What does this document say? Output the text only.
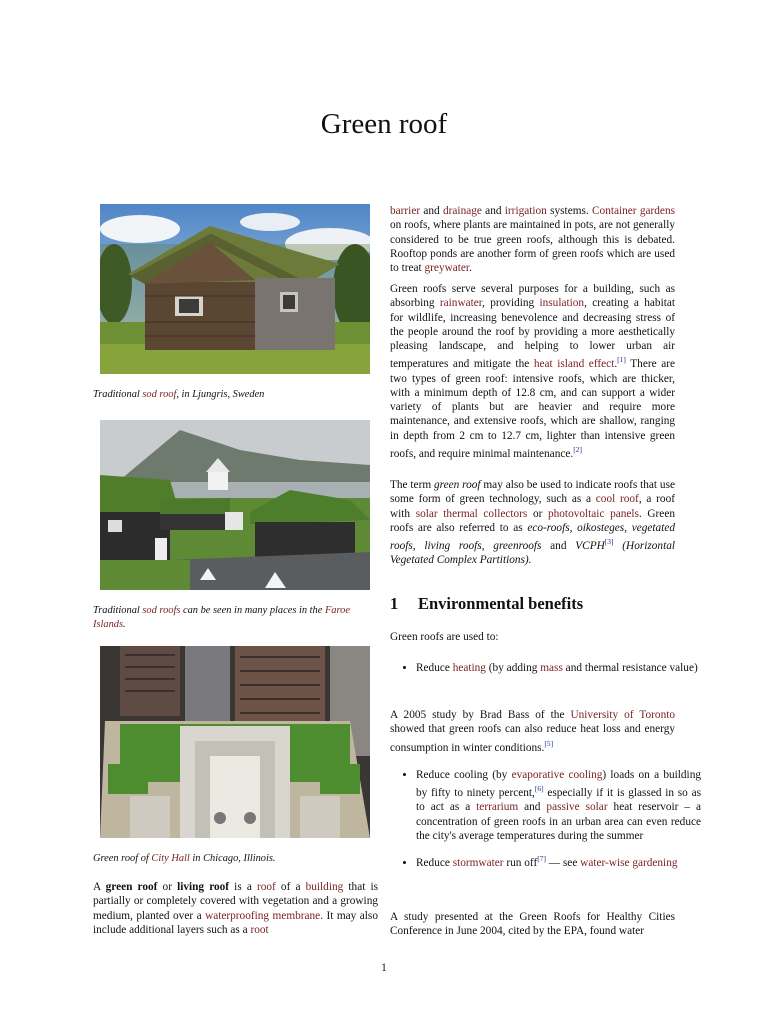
Green roof
Traditional sod roof, in Ljungris, Sweden
Traditional sod roofs can be seen in many places in the Faroe Islands.
Green roof of City Hall in Chicago, Illinois.

A green roof or living roof is a roof of a building that is partially or completely covered with vegetation and a growing medium, planted over a waterproofing membrane. It may also include additional layers such as a root

barrier and drainage and irrigation systems. Container gardens on roofs, where plants are maintained in pots, are not generally considered to be true green roofs, although this is debated. Rooftop ponds are another form of green roofs which are used to treat greywater.

Green roofs serve several purposes for a building, such as absorbing rainwater, providing insulation, creating a habitat for wildlife, increasing benevolence and decreasing stress of the people around the roof by providing a more aesthetically pleasing landscape, and helping to lower urban air temperatures and mitigate the heat island effect.[1] There are two types of green roof: intensive roofs, which are thicker, with a minimum depth of 12.8 cm, and can support a wider variety of plants but are heavier and require more maintenance, and extensive roofs, which are shallow, ranging in depth from 2 cm to 12.7 cm, lighter than intensive green roofs, and require minimal maintenance.[2]

The term green roof may also be used to indicate roofs that use some form of green technology, such as a cool roof, a roof with solar thermal collectors or photovoltaic panels. Green roofs are also referred to as eco-roofs, oikosteges, vegetated roofs, living roofs, greenroofs and VCPH[3] (Horizontal Vegetated Complex Partitions).

1 Environmental benefits

Green roofs are used to:

• Reduce heating (by adding mass and thermal resistance value)

A 2005 study by Brad Bass of the University of Toronto showed that green roofs can also reduce heat loss and energy consumption in winter conditions.[5]

• Reduce cooling (by evaporative cooling) loads on a building by fifty to ninety percent,[6] especially if it is glassed in so as to act as a terrarium and passive solar heat reservoir – a concentration of green roofs in an urban area can even reduce the city's average temperatures during the summer
• Reduce stormwater run off[7] — see water-wise gardening

A study presented at the Green Roofs for Healthy Cities Conference in June 2004, cited by the EPA, found water

1
